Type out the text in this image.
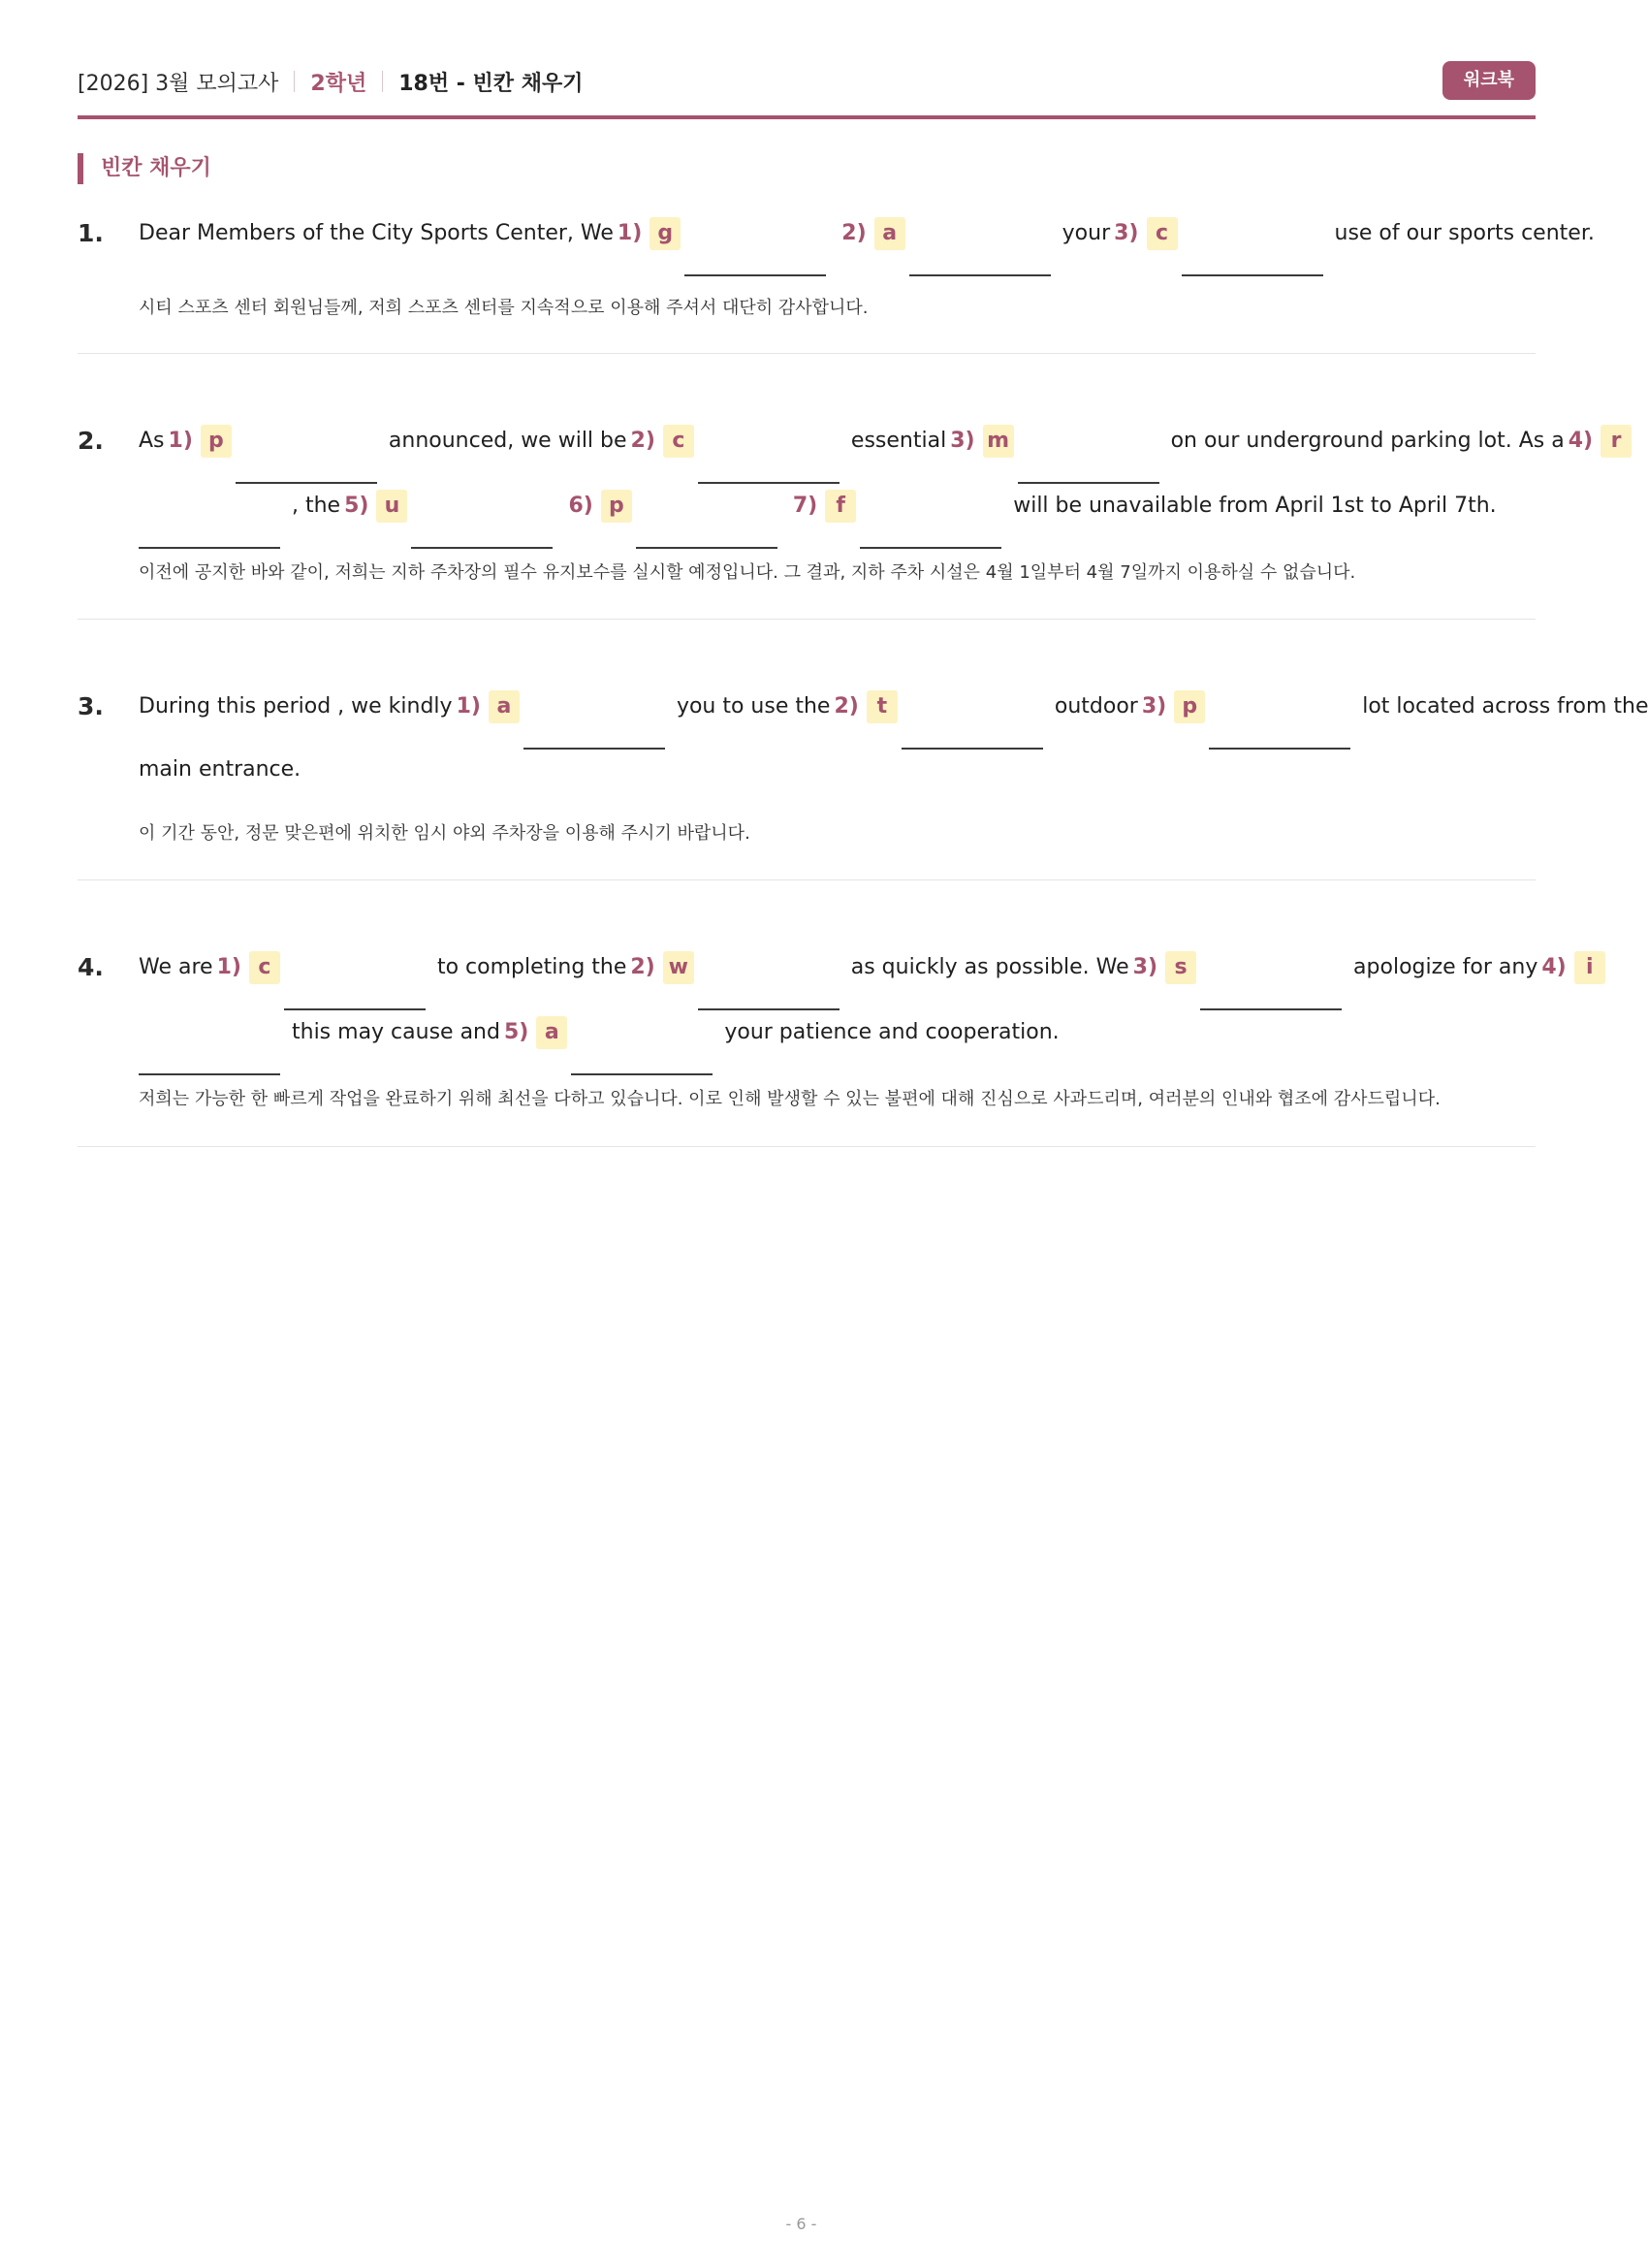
[2026] 3월 모의고사 2학년 18번 - 빈칸 채우기	워크북
빈칸 채우기
1. Dear Members of the City Sports Center, We 1) g	2) a	your 3) c	use of our sports center.
시티 스포츠 센터 회원님들께, 저희 스포츠 센터를 지속적으로 이용해 주셔서 대단히 감사합니다.
2. As 1) p	announced, we will be 2) c	essential 3) m	on our underground parking lot. As a 4) r
, the 5) u	6) p	7) f	will be unavailable from April 1st to April 7th.
이전에 공지한 바와 같이, 저희는 지하 주차장의 필수 유지보수를 실시할 예정입니다. 그 결과, 지하 주차 시설은 4월 1일부터 4월 7일까지 이용하실 수 없습니다.
3. During this period , we kindly 1) a	you to use the 2) t	outdoor 3) p	lot located across from the
main entrance.
이 기간 동안, 정문 맞은편에 위치한 임시 야외 주차장을 이용해 주시기 바랍니다.
4. We are 1) c	to completing the 2) w	as quickly as possible. We 3) s	apologize for any 4) i
this may cause and 5) a	your patience and cooperation.
저희는 가능한 한 빠르게 작업을 완료하기 위해 최선을 다하고 있습니다. 이로 인해 발생할 수 있는 불편에 대해 진심으로 사과드리며, 여러분의 인내와 협조에 감사드립니다.
- 6 -
